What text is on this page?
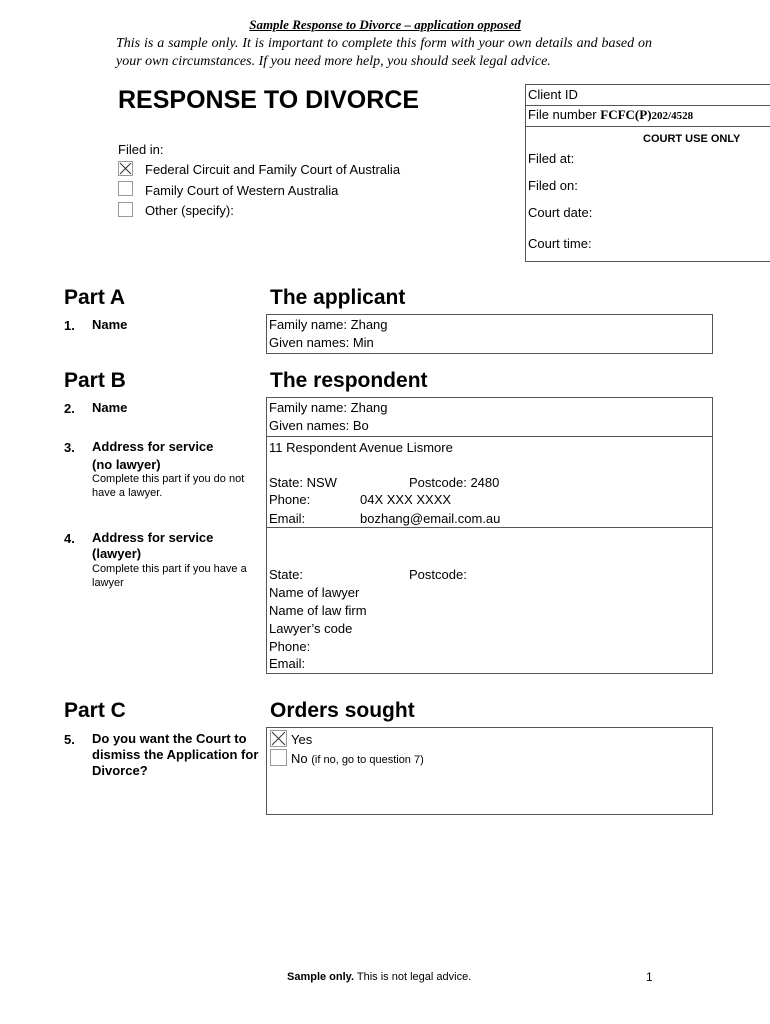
Sample Response to Divorce – application opposed
This is a sample only. It is important to complete this form with your own details and based on your own circumstances. If you need more help, you should seek legal advice.
RESPONSE TO DIVORCE
Filed in:
Federal Circuit and Family Court of Australia
Family Court of Western Australia
Other (specify):
Client ID
File number FCFC(P)202/4528
COURT USE ONLY
Filed at:
Filed on:
Court date:
Court time:
Part A	The applicant
1. Name	Family name: Zhang
Given names: Min
Part B	The respondent
2. Name	Family name: Zhang
Given names: Bo
3. Address for service
(no lawyer)
Complete this part if you do not have a lawyer.
11 Respondent Avenue Lismore
State: NSW	Postcode: 2480
Phone:	04X XXX XXXX
Email:	bozhang@email.com.au
4. Address for service
(lawyer)
Complete this part if you have a lawyer
State:	Postcode:
Name of lawyer
Name of law firm
Lawyer’s code
Phone:
Email:
Part C	Orders sought
5. Do you want the Court to dismiss the Application for Divorce?
Yes
No (if no, go to question 7)
Sample only. This is not legal advice.	1
